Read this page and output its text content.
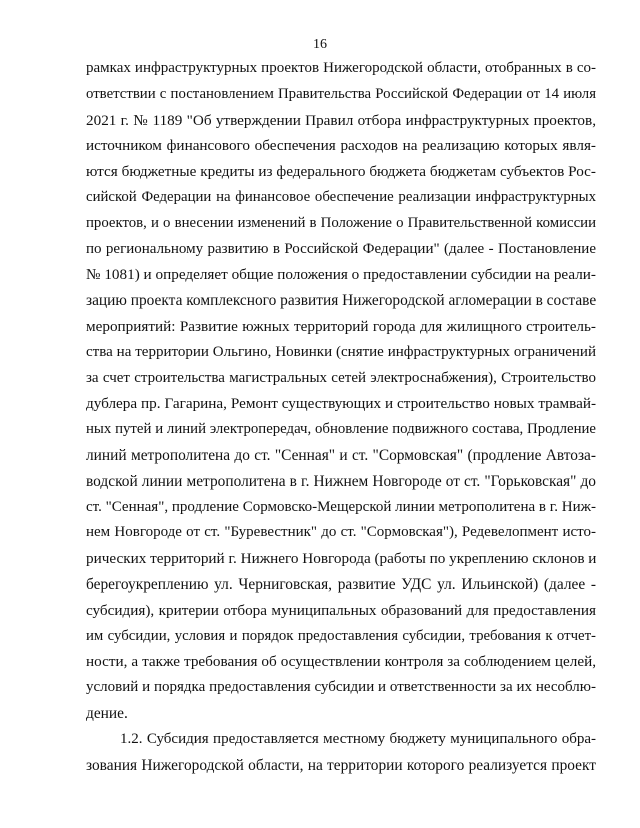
16
рамках инфраструктурных проектов Нижегородской области, отобранных в со-
ответствии с постановлением Правительства Российской Федерации от 14 июля
2021 г. № 1189 "Об утверждении Правил отбора инфраструктурных проектов,
источником финансового обеспечения расходов на реализацию которых явля-
ются бюджетные кредиты из федерального бюджета бюджетам субъектов Рос-
сийской Федерации на финансовое обеспечение реализации инфраструктурных
проектов, и о внесении изменений в Положение о Правительственной комиссии
по региональному развитию в Российской Федерации" (далее - Постановление
№ 1081) и определяет общие положения о предоставлении субсидии на реали-
зацию проекта комплексного развития Нижегородской агломерации в составе
мероприятий: Развитие южных территорий города для жилищного строитель-
ства на территории Ольгино, Новинки (снятие инфраструктурных ограничений
за счет строительства магистральных сетей электроснабжения), Строительство
дублера пр. Гагарина, Ремонт существующих и строительство новых трамвай-
ных путей и линий электропередач, обновление подвижного состава, Продление
линий метрополитена до ст. "Сенная" и ст. "Сормовская" (продление Автоза-
водской линии метрополитена в г. Нижнем Новгороде от ст. "Горьковская" до
ст. "Сенная", продление Сормовско-Мещерской линии метрополитена в г. Ниж-
нем Новгороде от ст. "Буревестник" до ст. "Сормовская"), Редевелопмент исто-
рических территорий г. Нижнего Новгорода (работы по укреплению склонов и
берегоукреплению ул. Черниговская, развитие УДС ул. Ильинской) (далее -
субсидия), критерии отбора муниципальных образований для предоставления
им субсидии, условия и порядок предоставления субсидии, требования к отчет-
ности, а также требования об осуществлении контроля за соблюдением целей,
условий и порядка предоставления субсидии и ответственности за их несоблю-
дение.
1.2. Субсидия предоставляется местному бюджету муниципального обра-
зования Нижегородской области, на территории которого реализуется проект
